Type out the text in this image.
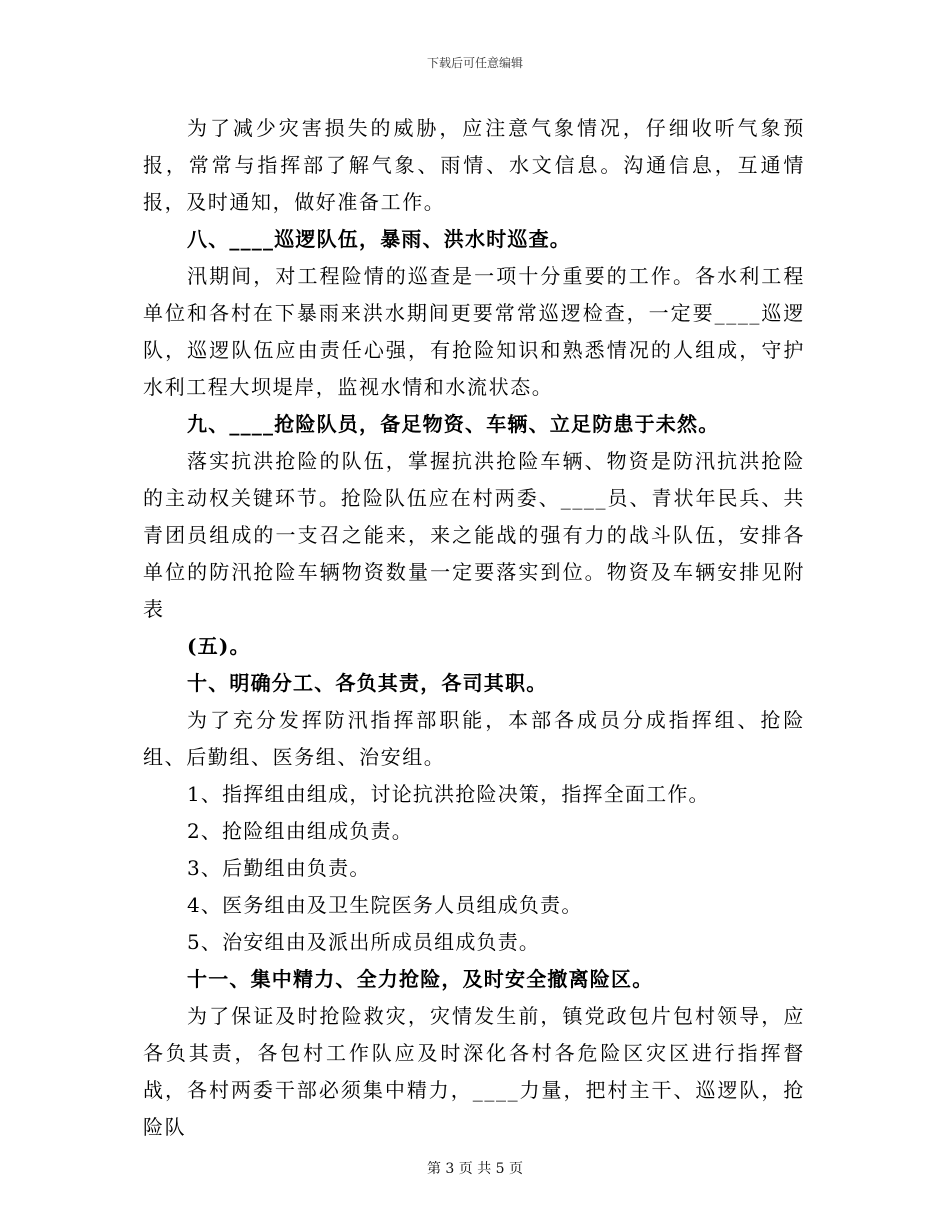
下载后可任意编辑

为了减少灾害损失的威胁，应注意气象情况，仔细收听气象预报，常常与指挥部了解气象、雨情、水文信息。沟通信息，互通情报，及时通知，做好准备工作。

八、____巡逻队伍，暴雨、洪水时巡查。

汛期间，对工程险情的巡查是一项十分重要的工作。各水利工程单位和各村在下暴雨来洪水期间更要常常巡逻检查，一定要____巡逻队，巡逻队伍应由责任心强，有抢险知识和熟悉情况的人组成，守护水利工程大坝堤岸，监视水情和水流状态。

九、____抢险队员，备足物资、车辆、立足防患于未然。

落实抗洪抢险的队伍，掌握抗洪抢险车辆、物资是防汛抗洪抢险的主动权关键环节。抢险队伍应在村两委、____员、青状年民兵、共青团员组成的一支召之能来，来之能战的强有力的战斗队伍，安排各单位的防汛抢险车辆物资数量一定要落实到位。物资及车辆安排见附表

(五)。

十、明确分工、各负其责，各司其职。

为了充分发挥防汛指挥部职能，本部各成员分成指挥组、抢险组、后勤组、医务组、治安组。

1、指挥组由组成，讨论抗洪抢险决策，指挥全面工作。

2、抢险组由组成负责。

3、后勤组由负责。

4、医务组由及卫生院医务人员组成负责。

5、治安组由及派出所成员组成负责。

十一、集中精力、全力抢险，及时安全撤离险区。

为了保证及时抢险救灾，灾情发生前，镇党政包片包村领导，应各负其责，各包村工作队应及时深化各村各危险区灾区进行指挥督战，各村两委干部必须集中精力，____力量，把村主干、巡逻队，抢险队

第 3 页 共 5 页
